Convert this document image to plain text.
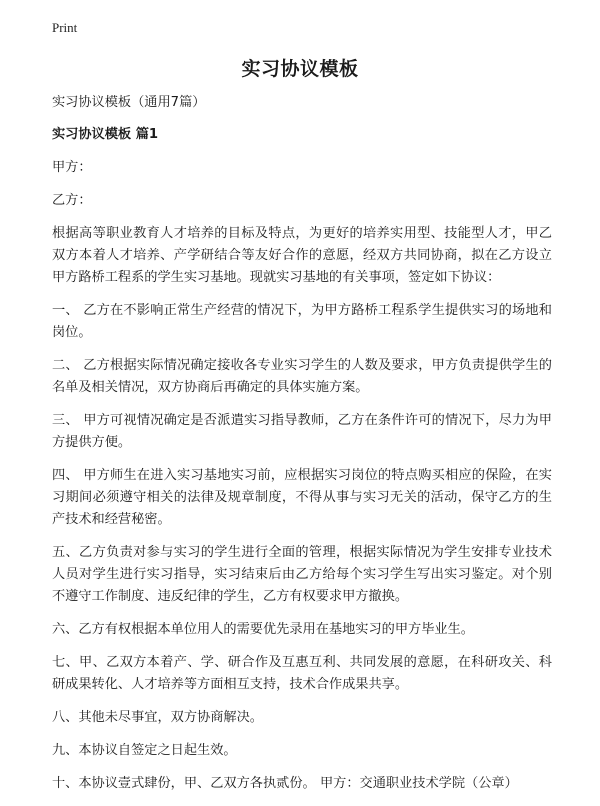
Print
实习协议模板

实习协议模板（通用7篇）

实习协议模板 篇1

甲方：

乙方：

根据高等职业教育人才培养的目标及特点，为更好的培养实用型、技能型人才，甲乙双方本着人才培养、产学研结合等友好合作的意愿，经双方共同协商，拟在乙方设立甲方路桥工程系的学生实习基地。现就实习基地的有关事项，签定如下协议：

一、 乙方在不影响正常生产经营的情况下，为甲方路桥工程系学生提供实习的场地和岗位。

二、 乙方根据实际情况确定接收各专业实习学生的人数及要求，甲方负责提供学生的名单及相关情况，双方协商后再确定的具体实施方案。

三、 甲方可视情况确定是否派遣实习指导教师，乙方在条件许可的情况下，尽力为甲方提供方便。

四、 甲方师生在进入实习基地实习前，应根据实习岗位的特点购买相应的保险，在实习期间必须遵守相关的法律及规章制度，不得从事与实习无关的活动，保守乙方的生产技术和经营秘密。

五、乙方负责对参与实习的学生进行全面的管理，根据实际情况为学生安排专业技术人员对学生进行实习指导，实习结束后由乙方给每个实习学生写出实习鉴定。对个别不遵守工作制度、违反纪律的学生，乙方有权要求甲方撤换。

六、乙方有权根据本单位用人的需要优先录用在基地实习的甲方毕业生。

七、甲、乙双方本着产、学、研合作及互惠互利、共同发展的意愿，在科研攻关、科研成果转化、人才培养等方面相互支持，技术合作成果共享。

八、其他未尽事宜，双方协商解决。

九、本协议自签定之日起生效。

十、本协议壹式肆份，甲、乙双方各执贰份。 甲方：交通职业技术学院（公章）
